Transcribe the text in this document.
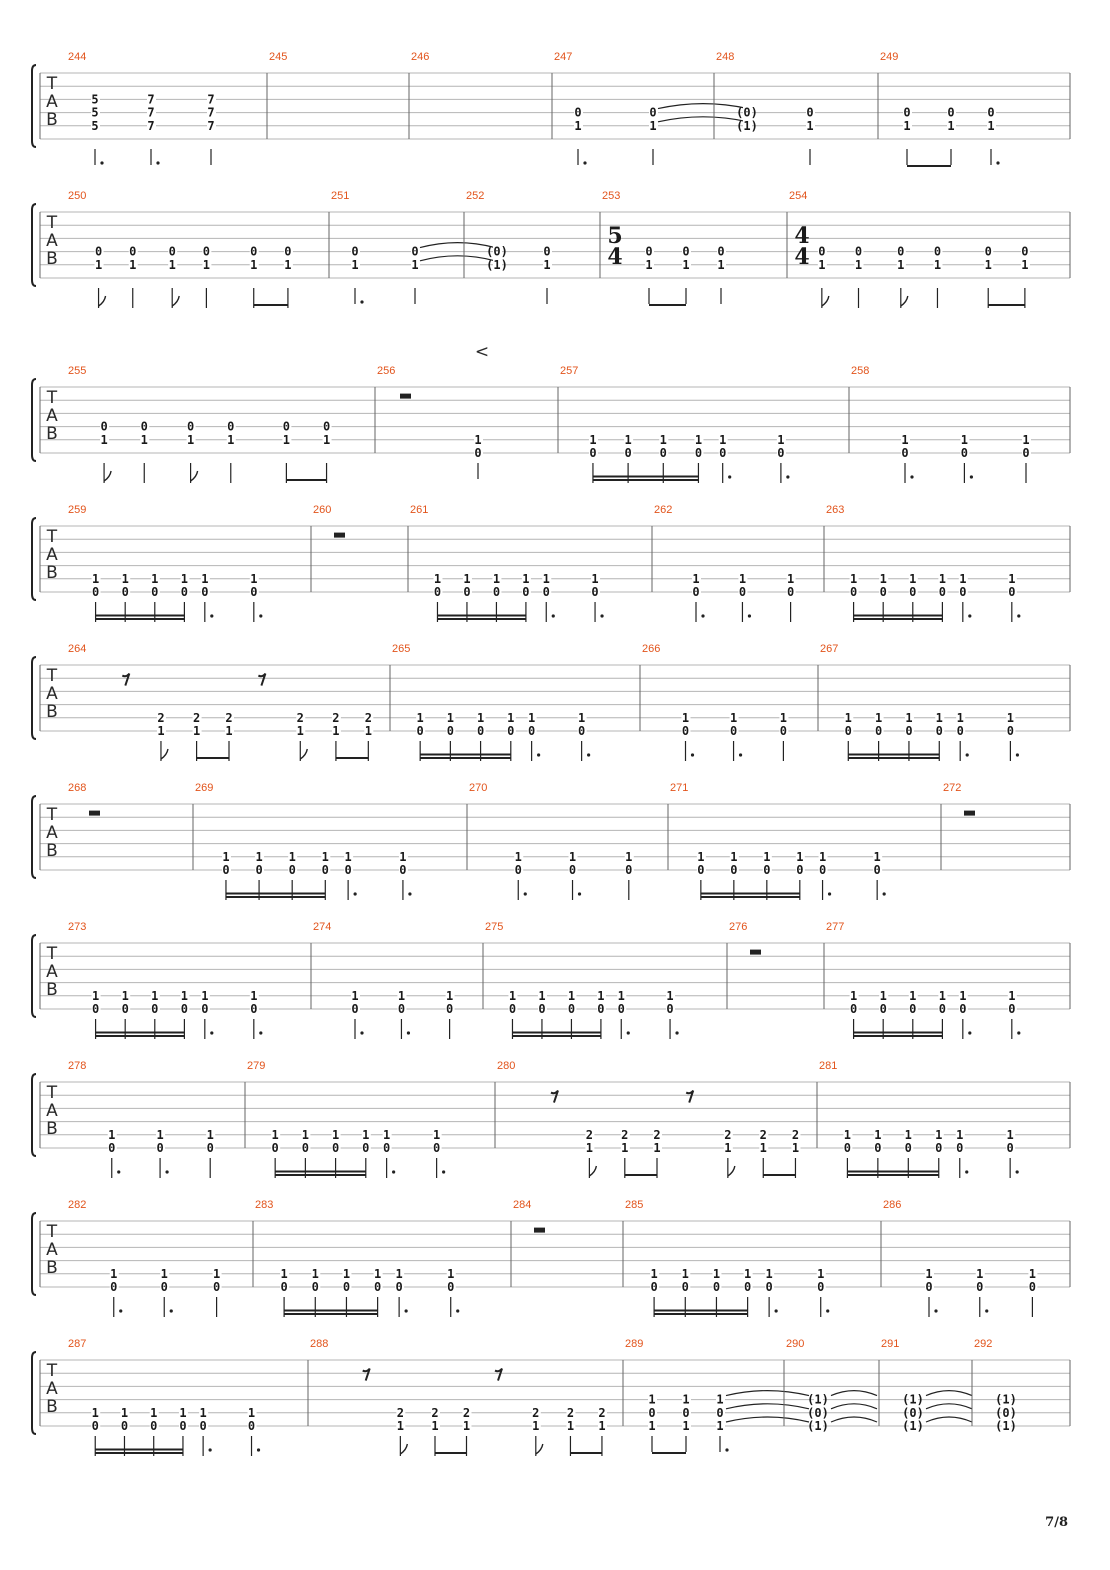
T
A
B
244
5
5
5
7
7
7
7
7
7
245	246	247
0
1
0
1
248
(0)
(1)
0
1
249
0
1
0
1
0
1
T
A
B
250
0
1
0
1
0
1
0
1
0
1
0
1
251
0
1
0
1
252
(0)
(1)
0
1
253
5
4 0
1
0
1
0
1
254
4
4 0
1
0
1
0
1
0
1
0
1
0
1
T
A
B
<
255
0
1
0
1
0
1
0
1
0
1
0
1
256
1
0
257
1
0
1
0
1
0
1
0
1
0
1
0
258
1
0
1
0
1
0
T
A
B
259
1
0
1
0
1
0
1
0
1
0
1
0
260	261
1
0
1
0
1
0
1
0
1
0
1
0
262
1
0
1
0
1
0
263
1
0
1
0
1
0
1
0
1
0
1
0
T
A
B
264
2
1
2
1
2
1
2
1
2
1
2
1
265
1
0
1
0
1
0
1
0
1
0
1
0
266
1
0
1
0
1
0
267
1
0
1
0
1
0
1
0
1
0
1
0
T
A
B
268	269
1
0
1
0
1
0
1
0
1
0
1
0
270
1
0
1
0
1
0
271
1
0
1
0
1
0
1
0
1
0
1
0
272
T
A
B
273
1
0
1
0
1
0
1
0
1
0
1
0
274
1
0
1
0
1
0
275
1
0
1
0
1
0
1
0
1
0
1
0
276	277
1
0
1
0
1
0
1
0
1
0
1
0
T
A
B
278
1
0
1
0
1
0
279
1
0
1
0
1
0
1
0
1
0
1
0
280
2
1
2
1
2
1
2
1
2
1
2
1
281
1
0
1
0
1
0
1
0
1
0
1
0
T
A
B
282
1
0
1
0
1
0
283
1
0
1
0
1
0
1
0
1
0
1
0
284	285
1
0
1
0
1
0
1
0
1
0
1
0
286
1
0
1
0
1
0
T
A
B
287
1
0
1
0
1
0
1
0
1
0
1
0
288
2
1
2
1
2
1
2
1
2
1
2
1
289
1
0
1
1
0
1
1
0
1
290
(1)
(0)
(1)
291
(1)
(0)
(1)
292
(1)
(0)
(1)
7/8
